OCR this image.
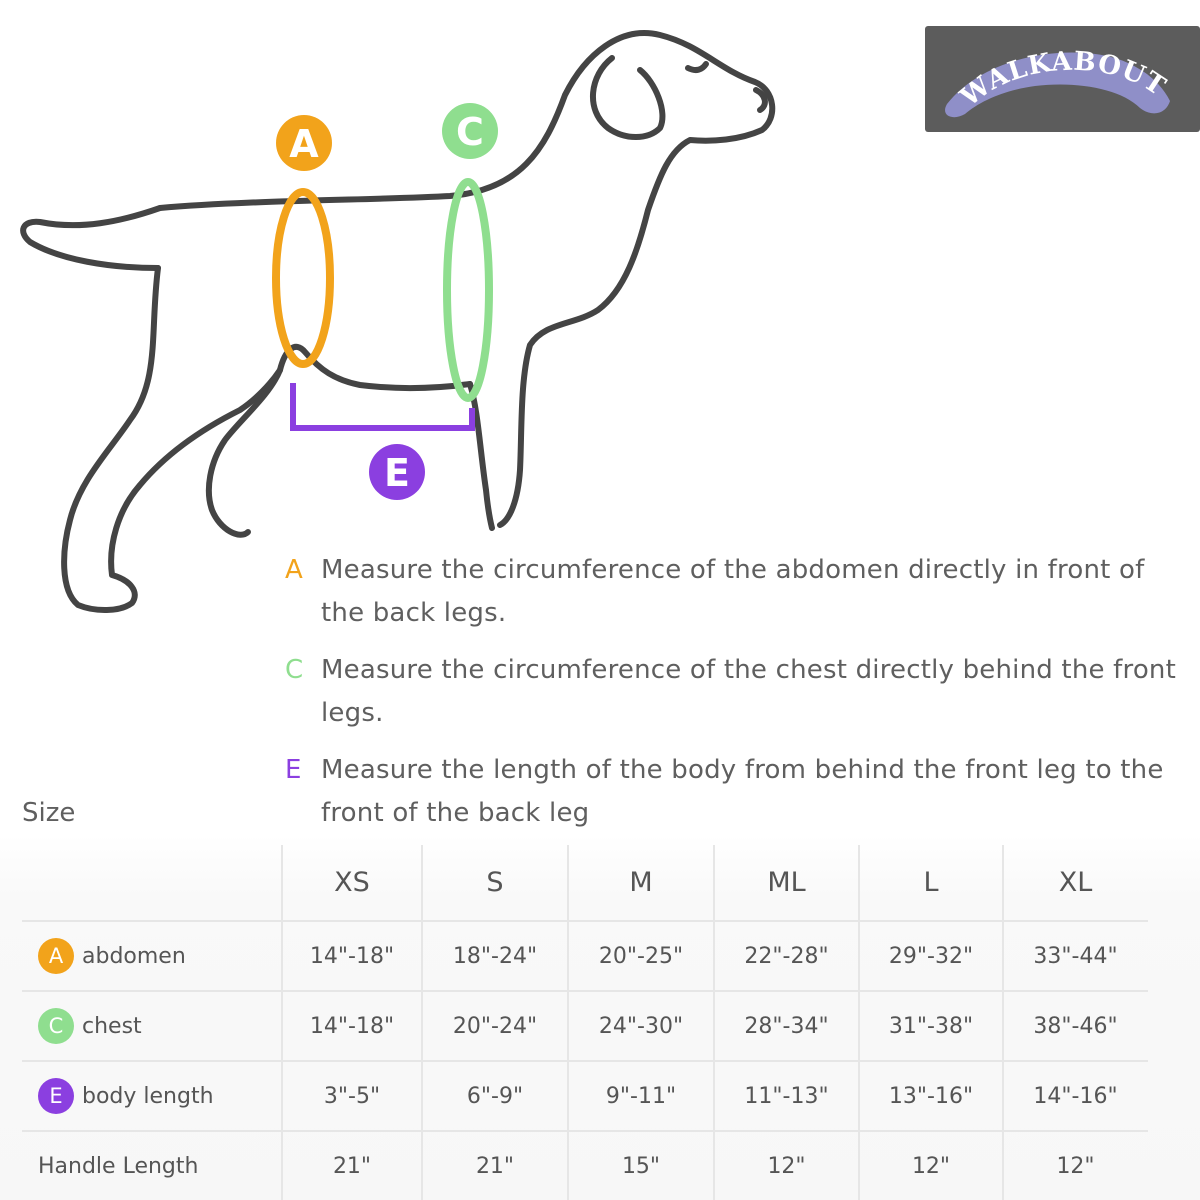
A	C
E
WALKABOUT
A Measure the circumference of the abdomen directly in front of
the back legs.
C Measure the circumference of the chest directly behind the front
legs.
E Measure the length of the body from behind the front leg to the
front of the back leg
Size
XS	S	M	ML	L	XL
A abdomen	14"-18"	18"-24"	20"-25"	22"-28"	29"-32"	33"-44"
C chest	14"-18"	20"-24"	24"-30"	28"-34"	31"-38"	38"-46"
E body length	3"-5"	6"-9"	9"-11"	11"-13"	13"-16"	14"-16"
Handle Length	21"	21"	15"	12"	12"	12"
